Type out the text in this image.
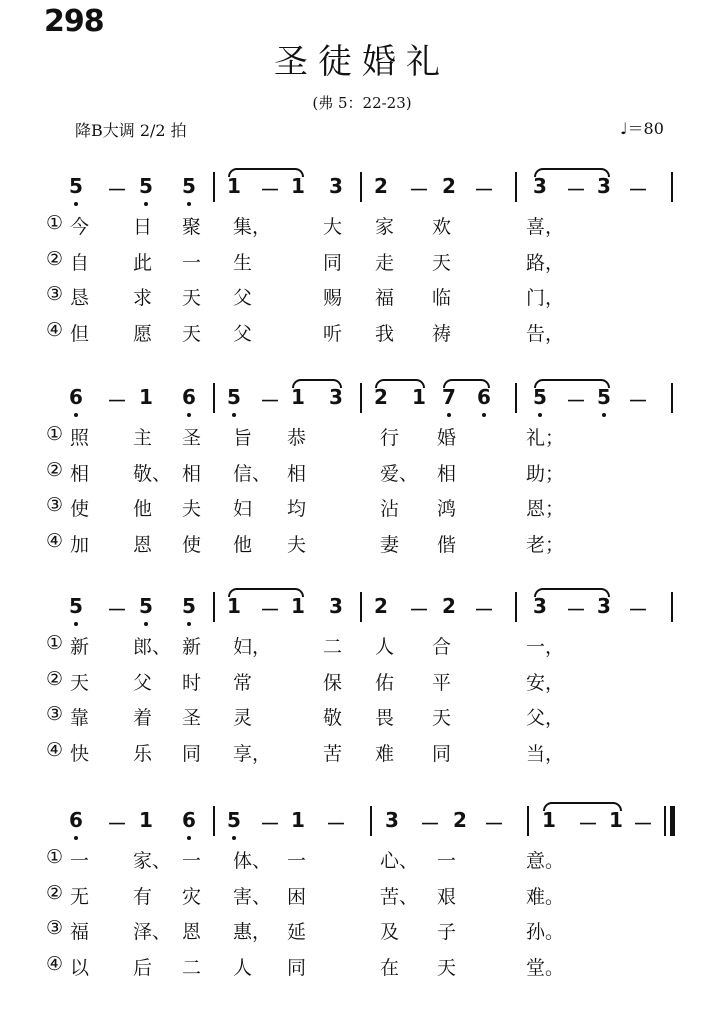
298
圣徒婚礼
(弗 5：22-23)
降B大调 2/2 拍	♩＝80
5 － 5 5 1 － 1 3 2 － 2 － 3 － 3 －
① 今	日	聚	集，	大	家	欢	喜，
② 自	此	一	生	同	走	天	路，
③ 恳	求	天	父	赐	福	临	门，
④ 但	愿	天	父	听	我	祷	告，
6 － 1 6 5 － 1 3 2 1 7 6 5 － 5 －
① 照	主	圣	旨	恭	行	婚	礼；
② 相	敬、 相	信、 相	爱、 相	助；
③ 使	他	夫	妇	均	沾	鸿	恩；
④ 加	恩	使	他	夫	妻	偕	老；
5 － 5 5 1 － 1 3 2 － 2 － 3 － 3 －
① 新	郎、 新	妇，	二	人	合	一，
② 天	父	时	常	保	佑	平	安，
③ 靠	着	圣	灵	敬	畏	天	父，
④ 快	乐	同	享，	苦	难	同	当，
6 － 1 6 5 － 1 － 3 － 2 － 1 － 1 －
① 一	家、 一	体、 一	心、 一	意。
② 无	有	灾	害、 困	苦、 艰	难。
③ 福	泽、 恩	惠， 延	及	子	孙。
④ 以	后	二	人	同	在	天	堂。
